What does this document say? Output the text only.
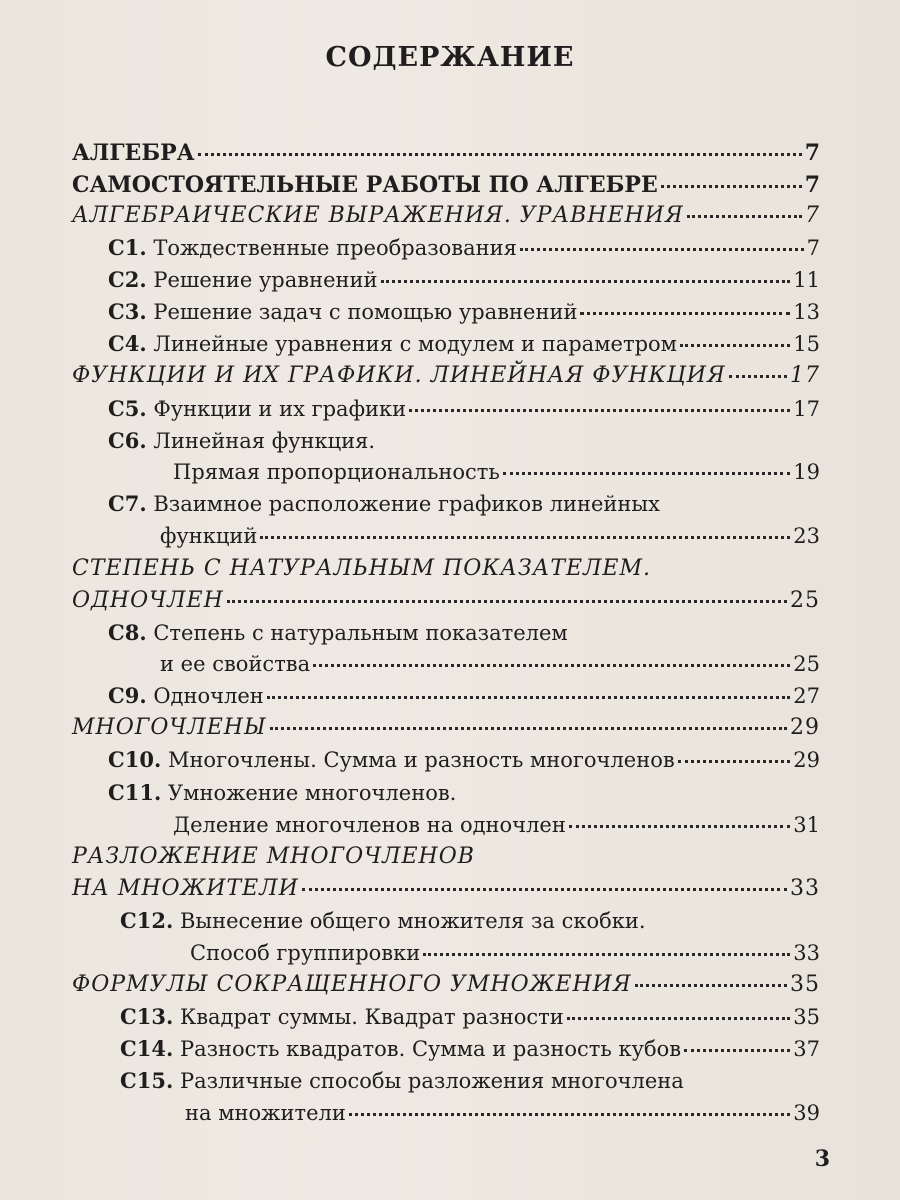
СОДЕРЖАНИЕ
АЛГЕБРА	7
САМОСТОЯТЕЛЬНЫЕ РАБОТЫ ПО АЛГЕБРЕ	7
АЛГЕБРАИЧЕСКИЕ ВЫРАЖЕНИЯ. УРАВНЕНИЯ	7
С1. Тождественные преобразования	7
С2. Решение уравнений	11
С3. Решение задач с помощью уравнений	13
С4. Линейные уравнения с модулем и параметром	15
ФУНКЦИИ И ИХ ГРАФИКИ. ЛИНЕЙНАЯ ФУНКЦИЯ	17
С5. Функции и их графики	17
С6. Линейная функция.
Прямая пропорциональность	19
С7. Взаимное расположение графиков линейных
функций	23
СТЕПЕНЬ С НАТУРАЛЬНЫМ ПОКАЗАТЕЛЕМ.
ОДНОЧЛЕН	25
С8. Степень с натуральным показателем
и ее свойства	25
С9. Одночлен	27
МНОГОЧЛЕНЫ	29
С10. Многочлены. Сумма и разность многочленов	29
С11. Умножение многочленов.
Деление многочленов на одночлен	31
РАЗЛОЖЕНИЕ МНОГОЧЛЕНОВ
НА МНОЖИТЕЛИ	33
С12. Вынесение общего множителя за скобки.
Способ группировки	33
ФОРМУЛЫ СОКРАЩЕННОГО УМНОЖЕНИЯ	35
С13. Квадрат суммы. Квадрат разности	35
С14. Разность квадратов. Сумма и разность кубов	37
С15. Различные способы разложения многочлена
на множители	39
3
